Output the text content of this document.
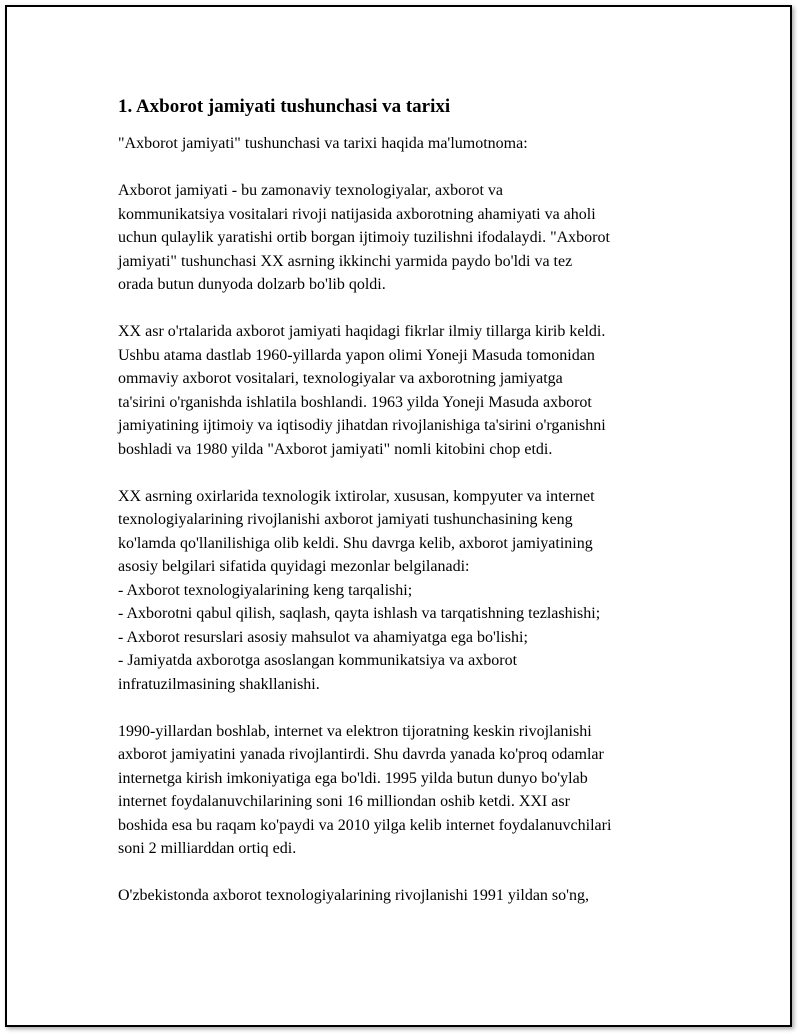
1. Axborot jamiyati tushunchasi va tarixi

"Axborot jamiyati" tushunchasi va tarixi haqida ma'lumotnoma:

Axborot jamiyati - bu zamonaviy texnologiyalar, axborot va
kommunikatsiya vositalari rivoji natijasida axborotning ahamiyati va aholi
uchun qulaylik yaratishi ortib borgan ijtimoiy tuzilishni ifodalaydi. "Axborot
jamiyati" tushunchasi XX asrning ikkinchi yarmida paydo bo'ldi va tez
orada butun dunyoda dolzarb bo'lib qoldi.

XX asr o'rtalarida axborot jamiyati haqidagi fikrlar ilmiy tillarga kirib keldi.
Ushbu atama dastlab 1960-yillarda yapon olimi Yoneji Masuda tomonidan
ommaviy axborot vositalari, texnologiyalar va axborotning jamiyatga
ta'sirini o'rganishda ishlatila boshlandi. 1963 yilda Yoneji Masuda axborot
jamiyatining ijtimoiy va iqtisodiy jihatdan rivojlanishiga ta'sirini o'rganishni
boshladi va 1980 yilda "Axborot jamiyati" nomli kitobini chop etdi.

XX asrning oxirlarida texnologik ixtirolar, xususan, kompyuter va internet
texnologiyalarining rivojlanishi axborot jamiyati tushunchasining keng
ko'lamda qo'llanilishiga olib keldi. Shu davrga kelib, axborot jamiyatining
asosiy belgilari sifatida quyidagi mezonlar belgilanadi:

- Axborot texnologiyalarining keng tarqalishi;

- Axborotni qabul qilish, saqlash, qayta ishlash va tarqatishning tezlashishi;

- Axborot resurslari asosiy mahsulot va ahamiyatga ega bo'lishi;

- Jamiyatda axborotga asoslangan kommunikatsiya va axborot
infratuzilmasining shakllanishi.

1990-yillardan boshlab, internet va elektron tijoratning keskin rivojlanishi
axborot jamiyatini yanada rivojlantirdi. Shu davrda yanada ko'proq odamlar
internetga kirish imkoniyatiga ega bo'ldi. 1995 yilda butun dunyo bo'ylab
internet foydalanuvchilarining soni 16 milliondan oshib ketdi. XXI asr
boshida esa bu raqam ko'paydi va 2010 yilga kelib internet foydalanuvchilari
soni 2 milliarddan ortiq edi.

O'zbekistonda axborot texnologiyalarining rivojlanishi 1991 yildan so'ng,
